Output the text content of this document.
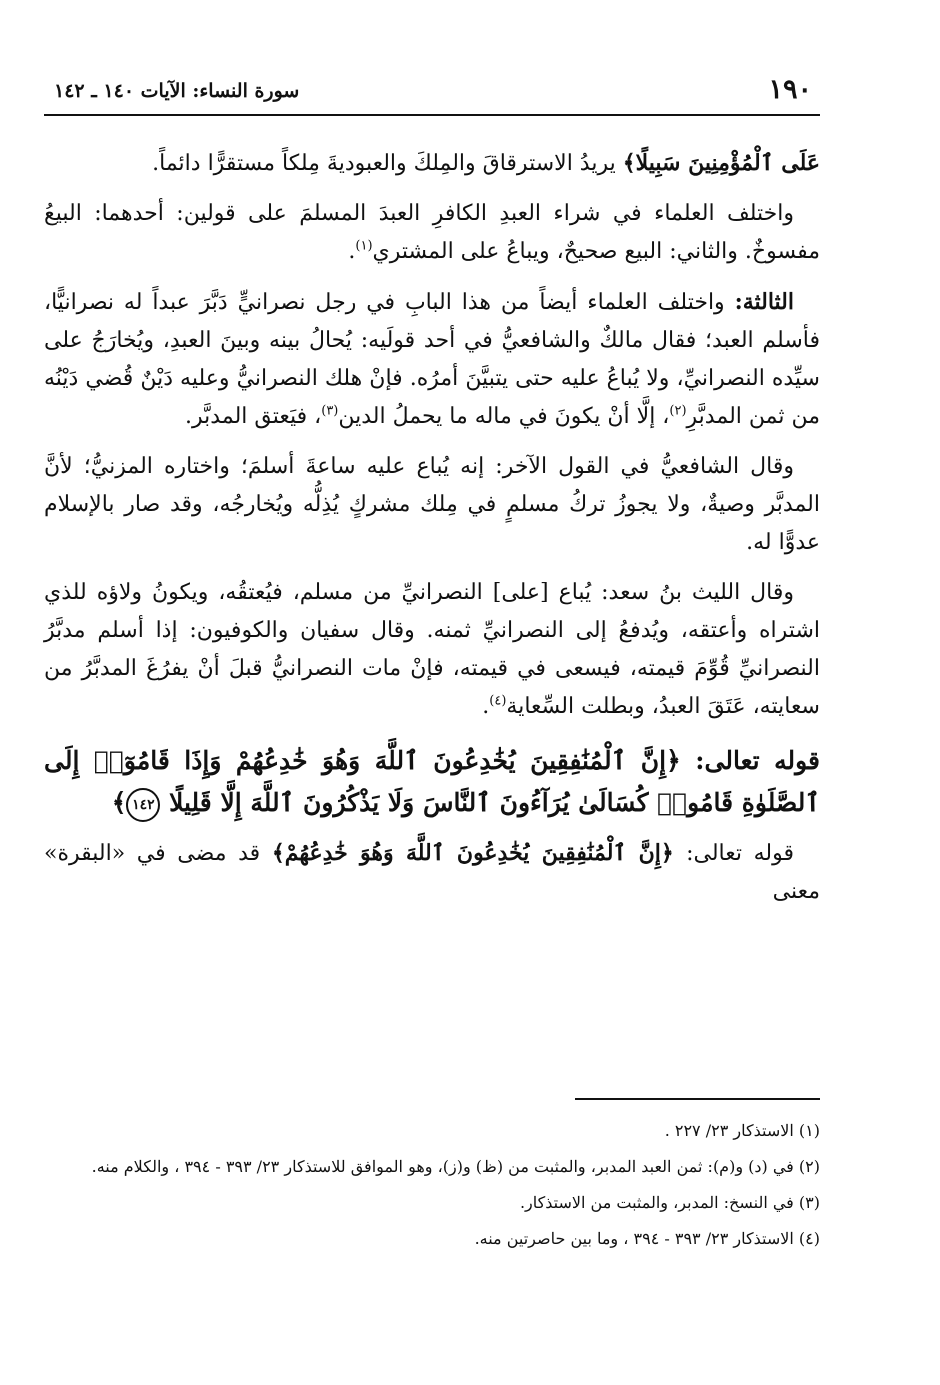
١٩٠
سورة النساء: الآيات ١٤٠ ـ ١٤٢

عَلَى ٱلْمُؤْمِنِينَ سَبِيلًا﴾ يريدُ الاسترقاقَ والمِلكَ والعبوديةَ مِلكاً مستقرًّا دائماً.

واختلف العلماء في شراء العبدِ الكافرِ العبدَ المسلمَ على قولين: أحدهما: البيعُ مفسوخٌ. والثاني: البيع صحيحٌ، ويباعُ على المشتري$^{(١)}$.

الثالثة: واختلف العلماء أيضاً من هذا البابِ في رجل نصرانيٍّ دَبَّرَ عبداً له نصرانيًّا، فأسلم العبد؛ فقال مالكٌ والشافعيُّ في أحد قولَيه: يُحالُ بينه وبينَ العبدِ، ويُخارَجُ على سيِّده النصرانيِّ، ولا يُباعُ عليه حتى يتبيَّنَ أمرُه. فإنْ هلك النصرانيُّ وعليه دَيْنٌ قُضي دَيْنُه من ثمن المدبَّرِ$^{(٢)}$، إلَّا أنْ يكونَ في ماله ما يحملُ الدين$^{(٣)}$، فيَعتق المدبَّر.

وقال الشافعيُّ في القول الآخر: إنه يُباع عليه ساعةَ أسلمَ؛ واختاره المزنيُّ؛ لأنَّ المدبَّر وصيةٌ، ولا يجوزُ تركُ مسلمٍ في مِلك مشركٍ يُذِلُّه ويُخارجُه، وقد صار بالإسلام عدوًّا له.

وقال الليث بنُ سعد: يُباع [على] النصرانيِّ من مسلم، فيُعتقُه، ويكونُ ولاؤه للذي اشتراه وأعتقه، ويُدفعُ إلى النصرانيِّ ثمنه. وقال سفيان والكوفيون: إذا أسلم مدبَّرُ النصرانيِّ قُوِّمَ قيمته، فيسعى في قيمته، فإنْ مات النصرانيُّ قبلَ أنْ يفرُغَ المدبَّرُ من سعايته، عَتَقَ العبدُ، وبطلت السِّعاية$^{(٤)}$.

قوله تعالى: ﴿إِنَّ ٱلْمُنَٰفِقِينَ يُخَٰدِعُونَ ٱللَّهَ وَهُوَ خَٰدِعُهُمْ وَإِذَا قَامُوٓا۟ إِلَى ٱلصَّلَوٰةِ قَامُوا۟ كُسَالَىٰ يُرَآءُونَ ٱلنَّاسَ وَلَا يَذْكُرُونَ ٱللَّهَ إِلَّا قَلِيلًا ١٤٢﴾

قوله تعالى: ﴿إِنَّ ٱلْمُنَٰفِقِينَ يُخَٰدِعُونَ ٱللَّهَ وَهُوَ خَٰدِعُهُمْ﴾ قد مضى في «البقرة» معنى

(١) الاستذكار ٢٣/ ٢٢٧ .

(٢) في (د) و(م): ثمن العبد المدبر، والمثبت من (ظ) و(ز)، وهو الموافق للاستذكار ٢٣/ ٣٩٣ - ٣٩٤ ، والكلام منه.

(٣) في النسخ: المدبر، والمثبت من الاستذكار.

(٤) الاستذكار ٢٣/ ٣٩٣ - ٣٩٤ ، وما بين حاصرتين منه.
